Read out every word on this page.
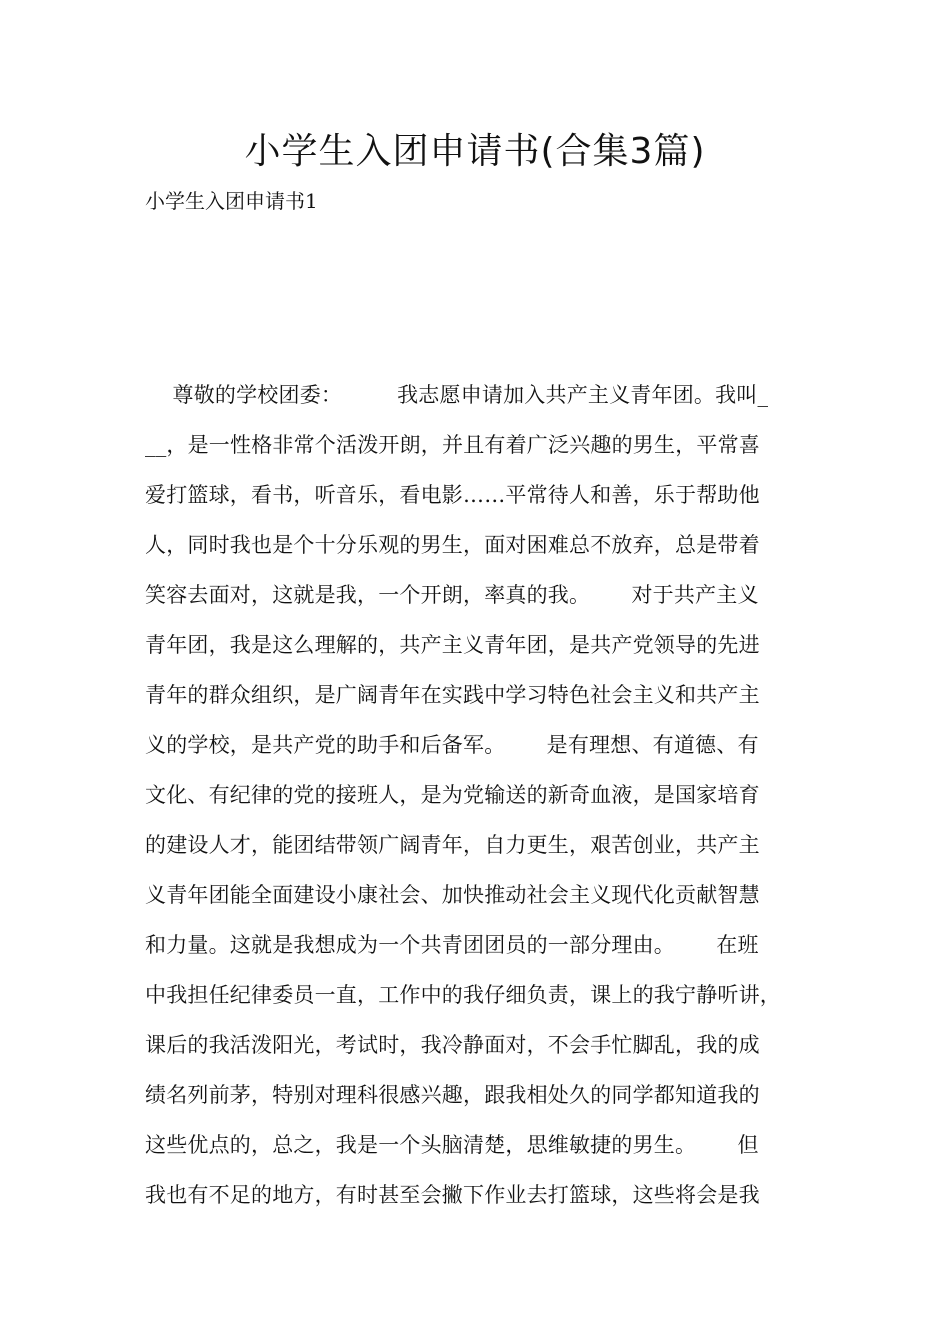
小学生入团申请书(合集3篇)
小学生入团申请书1
尊敬的学校团委：        我志愿申请加入共产主义青年团。我叫_
__，是一性格非常个活泼开朗，并且有着广泛兴趣的男生，平常喜
爱打篮球，看书，听音乐，看电影……平常待人和善，乐于帮助他
人，同时我也是个十分乐观的男生，面对困难总不放弃，总是带着
笑容去面对，这就是我，一个开朗，率真的我。      对于共产主义
青年团，我是这么理解的，共产主义青年团，是共产党领导的先进
青年的群众组织，是广阔青年在实践中学习特色社会主义和共产主
义的学校，是共产党的助手和后备军。      是有理想、有道德、有
文化、有纪律的党的接班人，是为党输送的新奇血液，是国家培育
的建设人才，能团结带领广阔青年，自力更生，艰苦创业，共产主
义青年团能全面建设小康社会、加快推动社会主义现代化贡献智慧
和力量。这就是我想成为一个共青团团员的一部分理由。      在班
中我担任纪律委员一直，工作中的我仔细负责，课上的我宁静听讲，
课后的我活泼阳光，考试时，我冷静面对，不会手忙脚乱，我的成
绩名列前茅，特别对理科很感兴趣，跟我相处久的同学都知道我的
这些优点的，总之，我是一个头脑清楚，思维敏捷的男生。      但
我也有不足的地方，有时甚至会撇下作业去打篮球，这些将会是我
